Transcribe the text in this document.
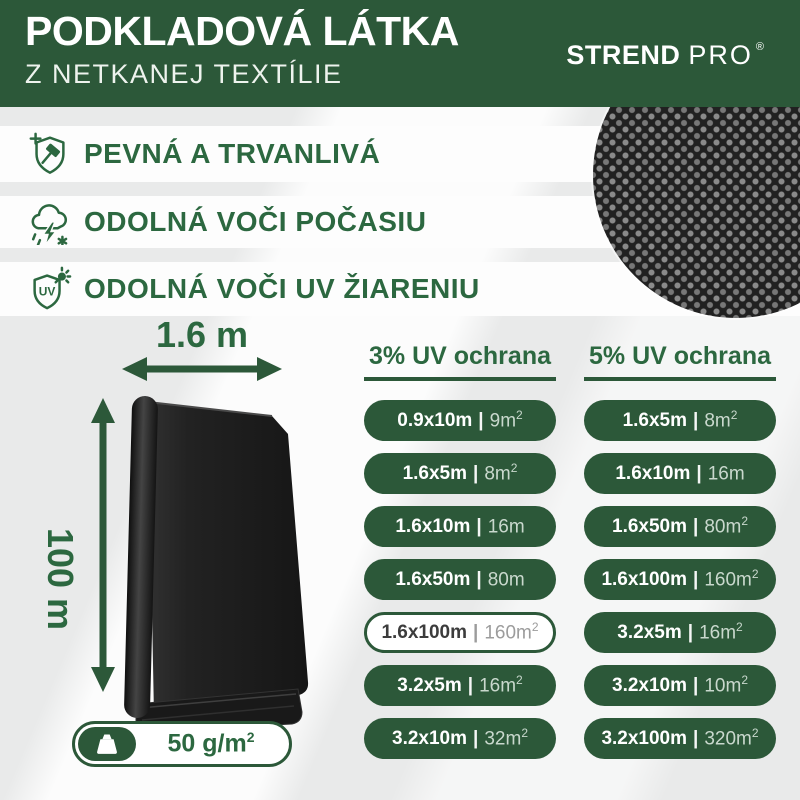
PODKLADOVÁ LÁTKA
Z NETKANEJ TEXTÍLIE
STREND PRO ®
PEVNÁ A TRVANLIVÁ
ODOLNÁ VOČI POČASIU
UV ODOLNÁ VOČI UV ŽIARENIU
1.6 m
100 m
50 $g/m^2$
3% UV ochrana 5% UV ochrana
0.9x10m | $9m^2$
1.6x5m | $8m^2$
1.6x10m | 16m
1.6x50m | 80m
1.6x100m | $160m^2$
3.2x5m | $16m^2$
3.2x10m | $32m^2$
1.6x5m | $8m^2$
1.6x10m | 16m
1.6x50m | $80m^2$
1.6x100m | $160m^2$
3.2x5m | $16m^2$
3.2x10m | $10m^2$
3.2x100m | $320m^2$
